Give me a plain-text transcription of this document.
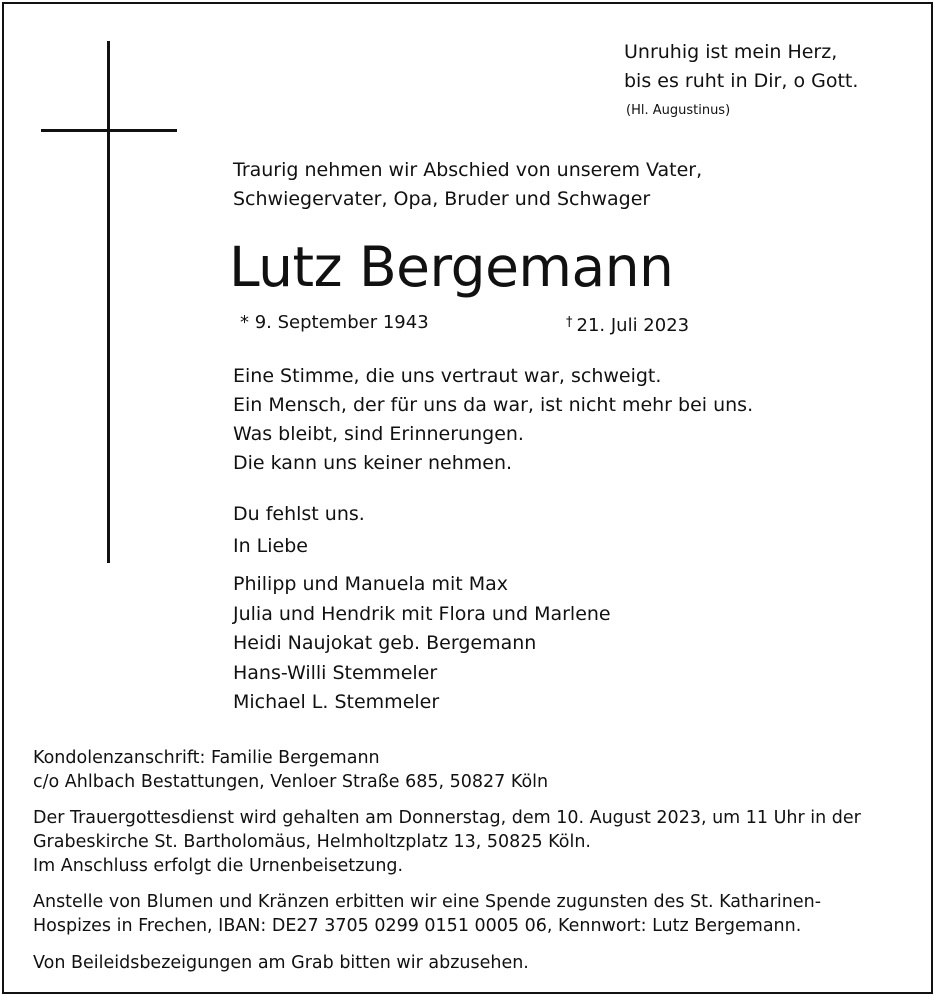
Unruhig ist mein Herz,
bis es ruht in Dir, o Gott.
(Hl. Augustinus)
Traurig nehmen wir Abschied von unserem Vater,
Schwiegervater, Opa, Bruder und Schwager
Lutz Bergemann
* 9. September 1943	† 21. Juli 2023
Eine Stimme, die uns vertraut war, schweigt.
Ein Mensch, der für uns da war, ist nicht mehr bei uns.
Was bleibt, sind Erinnerungen.
Die kann uns keiner nehmen.
Du fehlst uns.
In Liebe
Philipp und Manuela mit Max
Julia und Hendrik mit Flora und Marlene
Heidi Naujokat geb. Bergemann
Hans-Willi Stemmeler
Michael L. Stemmeler
Kondolenzanschrift: Familie Bergemann
c/o Ahlbach Bestattungen, Venloer Straße 685, 50827 Köln
Der Trauergottesdienst wird gehalten am Donnerstag, dem 10. August 2023, um 11 Uhr in der
Grabeskirche St. Bartholomäus, Helmholtzplatz 13, 50825 Köln.
Im Anschluss erfolgt die Urnenbeisetzung.
Anstelle von Blumen und Kränzen erbitten wir eine Spende zugunsten des St. Katharinen-
Hospizes in Frechen, IBAN: DE27 3705 0299 0151 0005 06, Kennwort: Lutz Bergemann.
Von Beileidsbezeigungen am Grab bitten wir abzusehen.
